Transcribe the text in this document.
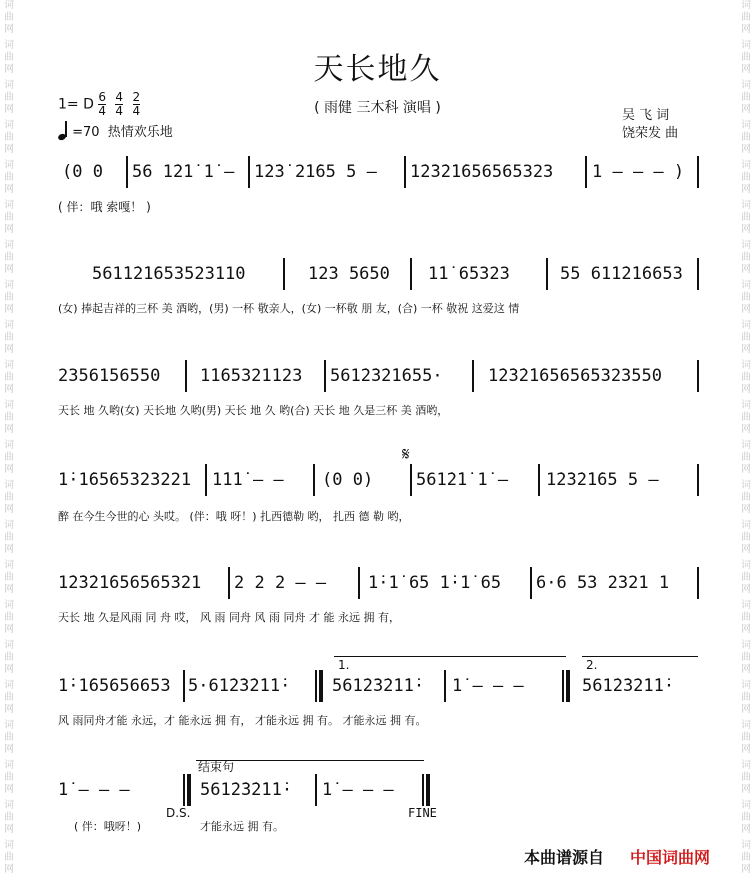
词
曲
网
词
曲
网
词
曲
网
词
曲
网
词
曲
网
词
曲
网
词
曲
网
词
曲
网
词
曲
网
词
曲
网
词
曲
网
词
曲
网
词
曲
网
词
曲
网
词
曲
网
词
曲
网
词
曲
网
词
曲
网
词
曲
网
词
曲
网
词
曲
网
词
曲
网
词
曲
网
词
曲
网
词
曲
网
词
曲
网
词
曲
网
词
曲
网
词
曲
网
词
曲
网
词
曲
网
词
曲
网
词
曲
网
词
曲
网
词
曲
网
词
曲
网
词
曲
网
词
曲
网
词
曲
网
词
曲
网
词
曲
网
词
曲
网
词
曲
网
词
曲
网
天长地久
( 雨健 三木科 演唱 )
1= D $\frac{6}{4}$
$\frac{4}{4}$
$\frac{2}{4}$
=70 热情欢乐地
吴 飞 词
饶荣发 曲
(0 0 56 1̇2̇1̇ 1̇ – 1̇2̇3̇ 2̇1̇65 5 – 1̇2̇3̇2̇1̇656565323 1 – – – )
( 伴：哦 索嘎！ )
561̇1̇2̇1̇653523110	123 5650 1̇1̇ 65323	55 61̇1̇2̇1̇6653
(女) 捧起吉祥的三杯 美 酒哟，(男) 一杯 敬亲人，(女) 一杯敬 朋 友，(合) 一杯 敬祝 这爱这 情
2356156550 1̇1̇65321123 561̇2̇3̇2̇1̇655·	1̇2̇3̇2̇1̇656565323550
天长 地 久哟(女) 天长地 久哟(男) 天长 地 久 哟(合) 天长 地 久是三杯 美 酒哟，
1̇·1̇6565323221 1̇1̇1̇ – – (0 0)
𝄋
561̇2̇1̇ 1̇ – 1̇2̇3̇2̇1̇65 5 –
醉 在今生今世的心 头哎。 (伴：哦 呀！) 扎西德勒 哟， 扎西 德 勒 哟，
1̇2̇3̇2̇1̇656565321 2 2 2 – – 1̇·1̇ 65 1̇·1̇ 65 6·6 53 2321 1
天长 地 久是风雨 同 舟 哎， 风 雨 同舟 风 雨 同舟 才 能 永远 拥 有，
1̇·1̇65656653 5·61̇2̇3̇2̇1̇1̇·
1.
561̇2̇3̇2̇1̇1̇· 1̇ – – –
2.
561̇2̇3̇2̇1̇1̇·
风 雨同舟才能 永远，才 能永远 拥 有， 才能永远 拥 有。 才能永远 拥 有。
1̇ – – –
D.S.
结束句
561̇2̇3̇2̇1̇1̇· 1̇ – – –
FINE
( 伴：哦呀！)	才能永远 拥 有。
本曲谱源自 中国词曲网
